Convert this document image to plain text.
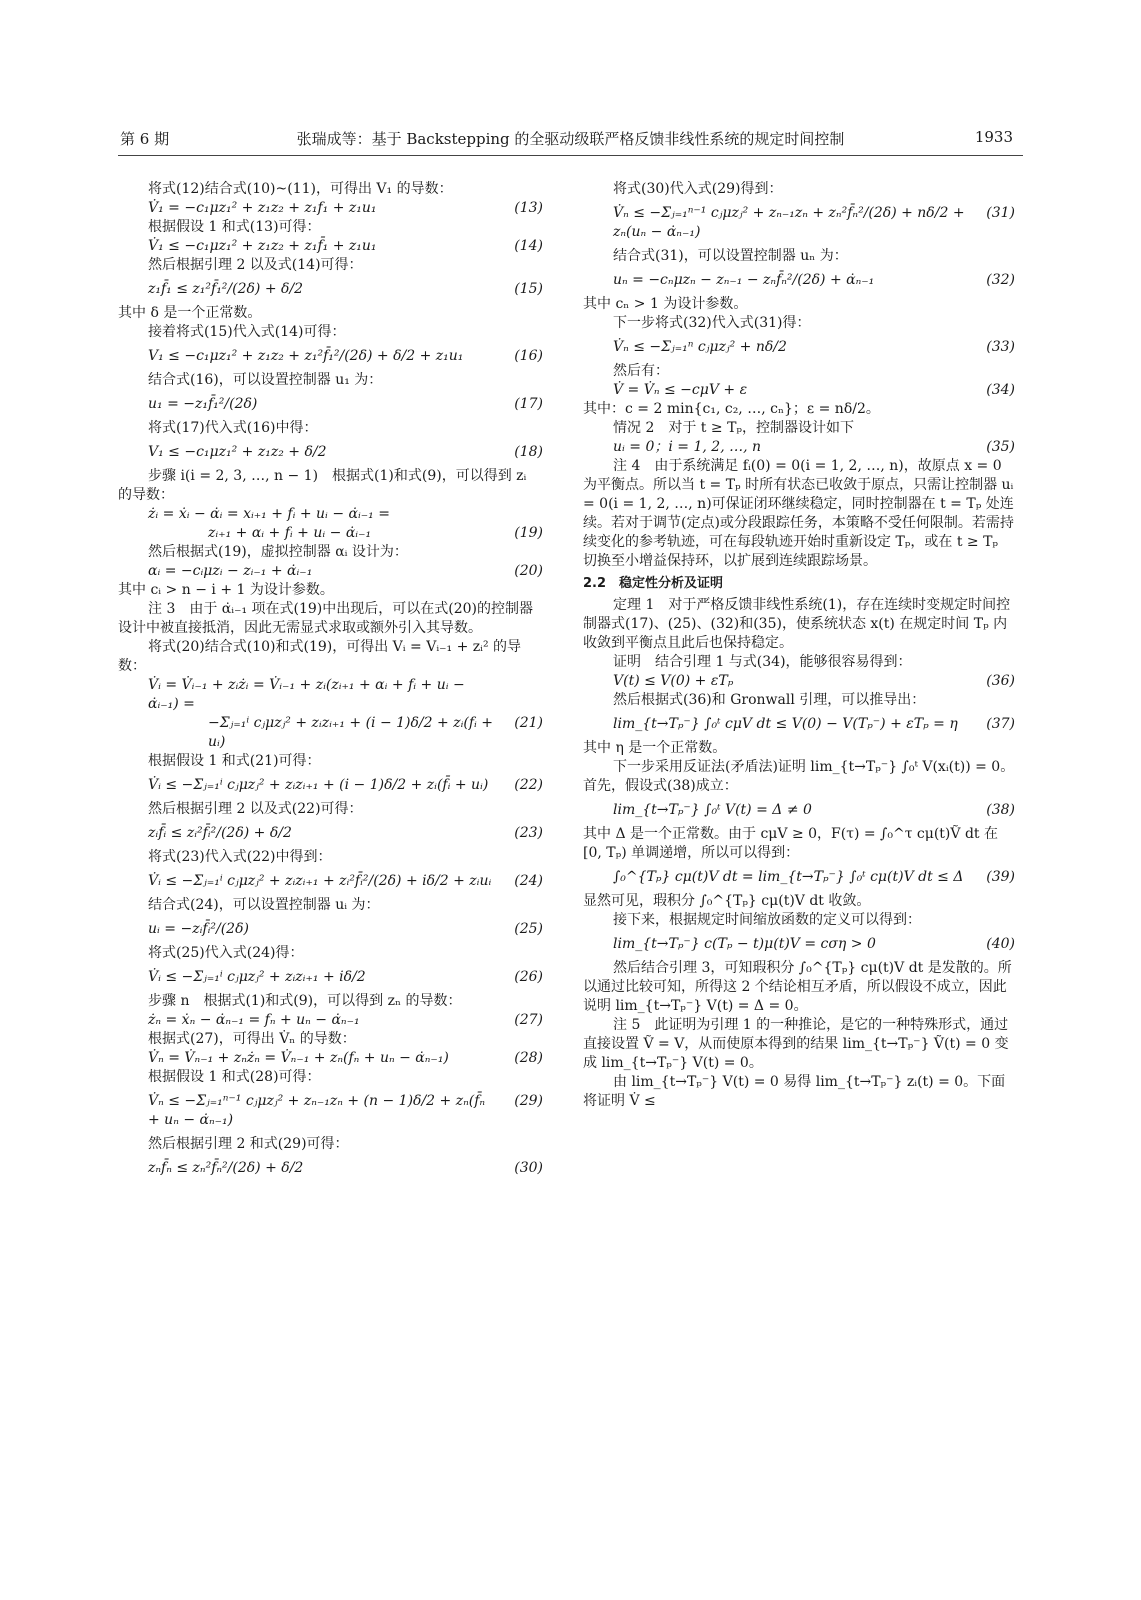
第 6 期	张瑞成等：基于 Backstepping 的全驱动级联严格反馈非线性系统的规定时间控制	1933
将式(12)结合式(10)~(11)，可得出 V₁ 的导数：
V̇₁ = −c₁μz₁² + z₁z₂ + z₁f₁ + z₁u₁	(13)
根据假设 1 和式(13)可得：
V̇₁ ≤ −c₁μz₁² + z₁z₂ + z₁f̄₁ + z₁u₁	(14)
然后根据引理 2 以及式(14)可得：
z₁f̄₁ ≤ z₁²f̄₁²/(2δ) + δ/2	(15)
其中 δ 是一个正常数。
接着将式(15)代入式(14)可得：
V₁ ≤ −c₁μz₁² + z₁z₂ + z₁²f̄₁²/(2δ) + δ/2 + z₁u₁	(16)
结合式(16)，可以设置控制器 u₁ 为：
u₁ = −z₁f̄₁²/(2δ)	(17)
将式(17)代入式(16)中得：
V₁ ≤ −c₁μz₁² + z₁z₂ + δ/2	(18)
步骤 i(i = 2, 3, …, n − 1)　根据式(1)和式(9)，可以得到 zᵢ 的导数：
żᵢ = ẋᵢ − α̇ᵢ = xᵢ₊₁ + fᵢ + uᵢ − α̇ᵢ₋₁ =
zᵢ₊₁ + αᵢ + fᵢ + uᵢ − α̇ᵢ₋₁	(19)
然后根据式(19)，虚拟控制器 αᵢ 设计为：
αᵢ = −cᵢμzᵢ − zᵢ₋₁ + α̇ᵢ₋₁	(20)
其中 cᵢ > n − i + 1 为设计参数。
注 3　由于 α̇ᵢ₋₁ 项在式(19)中出现后，可以在式(20)的控制器设计中被直接抵消，因此无需显式求取或额外引入其导数。
将式(20)结合式(10)和式(19)，可得出 Vᵢ = Vᵢ₋₁ + zᵢ² 的导数：
V̇ᵢ = V̇ᵢ₋₁ + zᵢżᵢ = V̇ᵢ₋₁ + zᵢ(zᵢ₊₁ + αᵢ + fᵢ + uᵢ − α̇ᵢ₋₁) =
−Σⱼ₌₁ⁱ cⱼμzⱼ² + zᵢzᵢ₊₁ + (i − 1)δ/2 + zᵢ(fᵢ + uᵢ)
(21)
根据假设 1 和式(21)可得：
V̇ᵢ ≤ −Σⱼ₌₁ⁱ cⱼμzⱼ² + zᵢzᵢ₊₁ + (i − 1)δ/2 + zᵢ(f̄ᵢ + uᵢ) (22)
然后根据引理 2 以及式(22)可得：
zᵢf̄ᵢ ≤ zᵢ²f̄ᵢ²/(2δ) + δ/2	(23)
将式(23)代入式(22)中得到：
V̇ᵢ ≤ −Σⱼ₌₁ⁱ cⱼμzⱼ² + zᵢzᵢ₊₁ + zᵢ²f̄ᵢ²/(2δ) + iδ/2 + zᵢuᵢ (24)
结合式(24)，可以设置控制器 uᵢ 为：
uᵢ = −zᵢf̄ᵢ²/(2δ)	(25)
将式(25)代入式(24)得：
V̇ᵢ ≤ −Σⱼ₌₁ⁱ cⱼμzⱼ² + zᵢzᵢ₊₁ + iδ/2	(26)
步骤 n　根据式(1)和式(9)，可以得到 zₙ 的导数：
żₙ = ẋₙ − α̇ₙ₋₁ = fₙ + uₙ − α̇ₙ₋₁	(27)
根据式(27)，可得出 V̇ₙ 的导数：
V̇ₙ = V̇ₙ₋₁ + zₙżₙ = V̇ₙ₋₁ + zₙ(fₙ + uₙ − α̇ₙ₋₁)	(28)
根据假设 1 和式(28)可得：
V̇ₙ ≤ −Σⱼ₌₁ⁿ⁻¹ cⱼμzⱼ² + zₙ₋₁zₙ + (n − 1)δ/2 + zₙ(f̄ₙ + uₙ − α̇ₙ₋₁)
(29)
然后根据引理 2 和式(29)可得：
zₙf̄ₙ ≤ zₙ²f̄ₙ²/(2δ) + δ/2	(30)
将式(30)代入式(29)得到：
V̇ₙ ≤ −Σⱼ₌₁ⁿ⁻¹ cⱼμzⱼ² + zₙ₋₁zₙ + zₙ²f̄ₙ²/(2δ) + nδ/2 + zₙ(uₙ − α̇ₙ₋₁)
(31)
结合式(31)，可以设置控制器 uₙ 为：
uₙ = −cₙμzₙ − zₙ₋₁ − zₙf̄ₙ²/(2δ) + α̇ₙ₋₁	(32)
其中 cₙ > 1 为设计参数。
下一步将式(32)代入式(31)得：
V̇ₙ ≤ −Σⱼ₌₁ⁿ cⱼμzⱼ² + nδ/2	(33)
然后有：
V̇ = V̇ₙ ≤ −cμV + ε	(34)
其中：c = 2 min{c₁, c₂, …, cₙ}；ε = nδ/2。
情况 2　对于 t ≥ Tₚ，控制器设计如下
uᵢ = 0；i = 1, 2, …, n	(35)
注 4　由于系统满足 fᵢ(0) = 0(i = 1, 2, …, n)，故原点 x = 0 为平衡点。所以当 t = Tₚ 时所有状态已收敛于原点，只需让控制器 uᵢ = 0(i = 1, 2, …, n)可保证闭环继续稳定，同时控制器在 t = Tₚ 处连续。若对于调节(定点)或分段跟踪任务，本策略不受任何限制。若需持续变化的参考轨迹，可在每段轨迹开始时重新设定 Tₚ，或在 t ≥ Tₚ 切换至小增益保持环，以扩展到连续跟踪场景。
2.2　稳定性分析及证明
定理 1　对于严格反馈非线性系统(1)，存在连续时变规定时间控制器式(17)、(25)、(32)和(35)，使系统状态 x(t) 在规定时间 Tₚ 内收敛到平衡点且此后也保持稳定。
证明　结合引理 1 与式(34)，能够很容易得到：
V(t) ≤ V(0) + εTₚ	(36)
然后根据式(36)和 Gronwall 引理，可以推导出：
lim_{t→Tₚ⁻} ∫₀ᵗ cμV dt ≤ V(0) − V(Tₚ⁻) + εTₚ = η (37)
其中 η 是一个正常数。
下一步采用反证法(矛盾法)证明 lim_{t→Tₚ⁻} ∫₀ᵗ V(xᵢ(t)) = 0。
首先，假设式(38)成立：
lim_{t→Tₚ⁻} ∫₀ᵗ V(t) = Δ ≠ 0	(38)
其中 Δ 是一个正常数。由于 cμV ≥ 0，F(τ) = ∫₀^τ cμ(t)Ṽ dt 在 [0, Tₚ) 单调递增，所以可以得到：
∫₀^{Tₚ} cμ(t)V dt = lim_{t→Tₚ⁻} ∫₀ᵗ cμ(t)V dt ≤ Δ (39)
显然可见，瑕积分 ∫₀^{Tₚ} cμ(t)V dt 收敛。
接下来，根据规定时间缩放函数的定义可以得到：
lim_{t→Tₚ⁻} c(Tₚ − t)μ(t)V = cση > 0	(40)
然后结合引理 3，可知瑕积分 ∫₀^{Tₚ} cμ(t)V dt 是发散的。所以通过比较可知，所得这 2 个结论相互矛盾，所以假设不成立，因此说明 lim_{t→Tₚ⁻} V(t) = Δ = 0。
注 5　此证明为引理 1 的一种推论，是它的一种特殊形式，通过直接设置 Ṽ = V，从而使原本得到的结果 lim_{t→Tₚ⁻} Ṽ(t) = 0 变成 lim_{t→Tₚ⁻} V(t) = 0。
由 lim_{t→Tₚ⁻} V(t) = 0 易得 lim_{t→Tₚ⁻} zᵢ(t) = 0。下面将证明 V̇ ≤
